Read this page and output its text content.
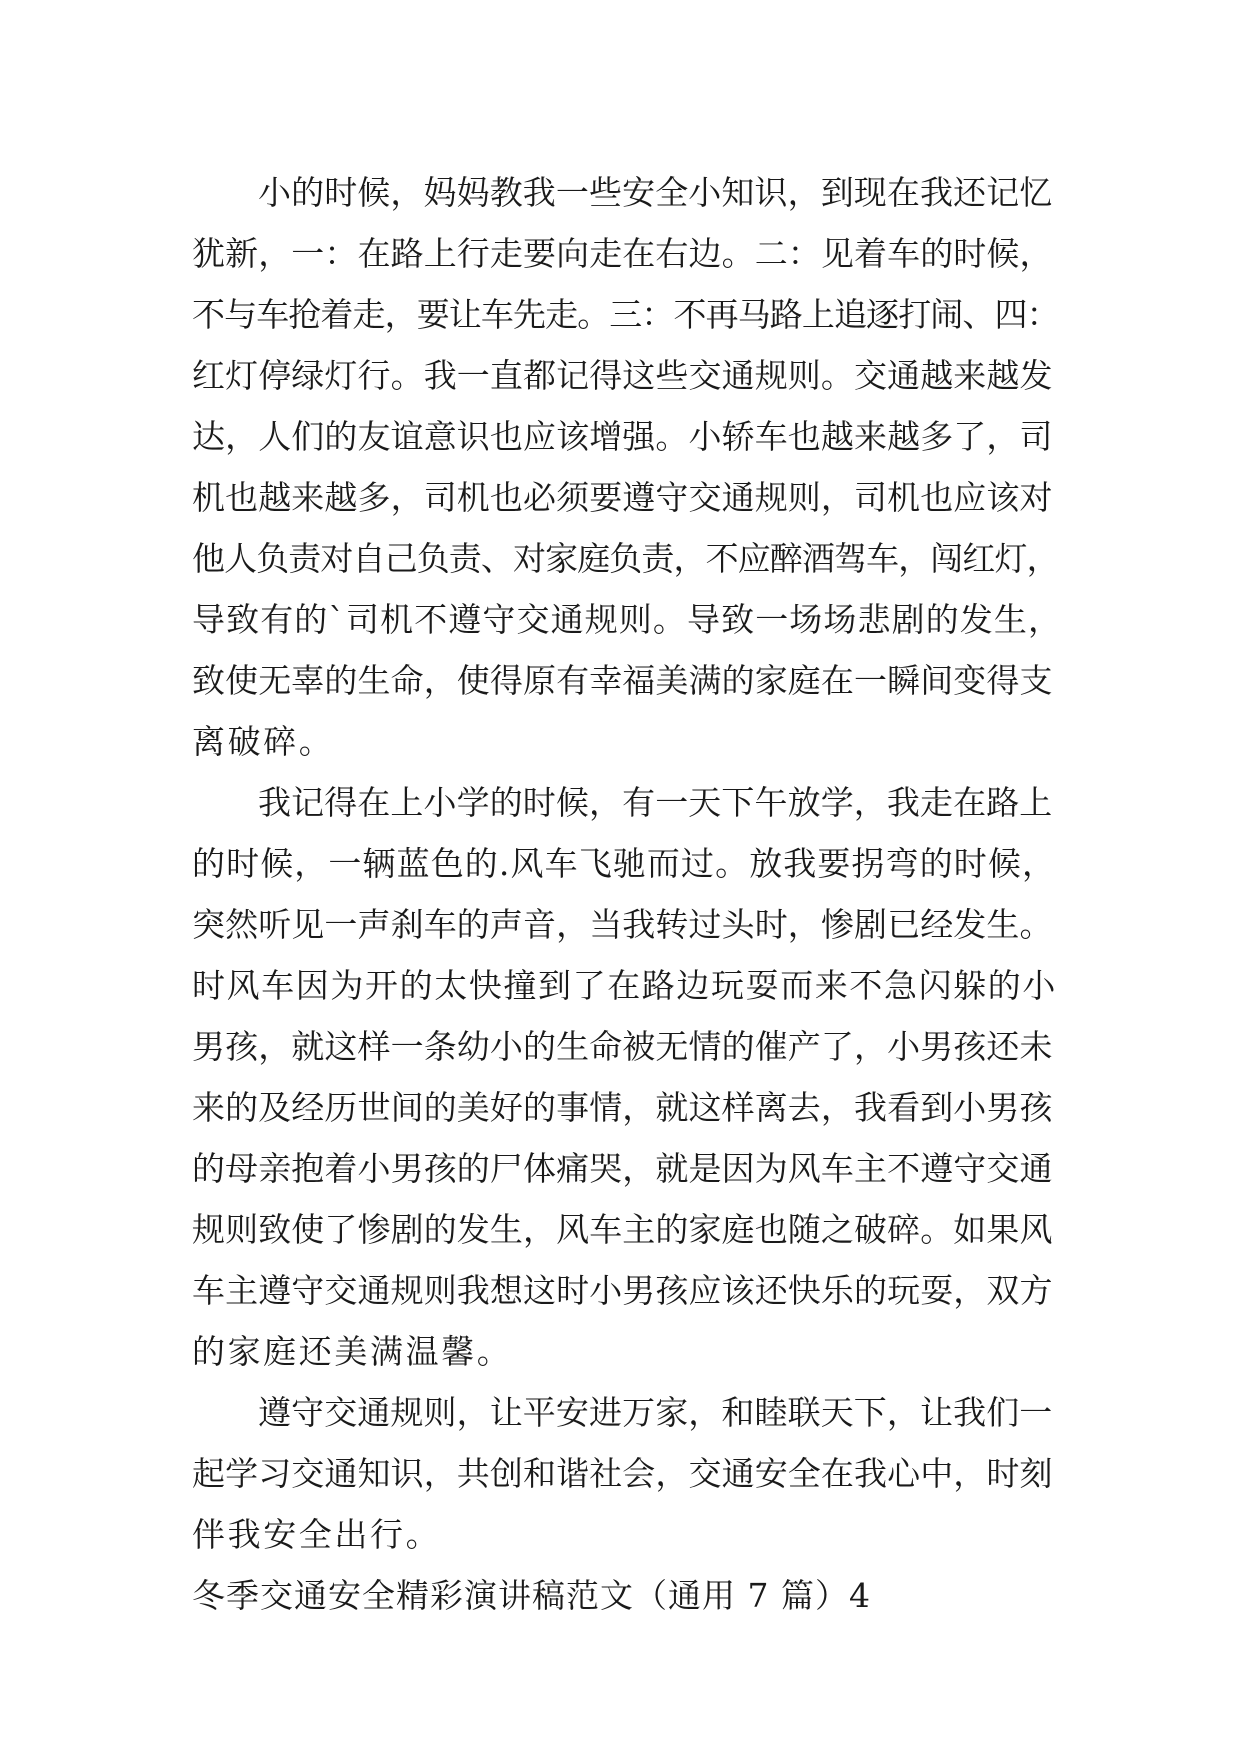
小的时候，妈妈教我一些安全小知识，到现在我还记忆
犹新，一：在路上行走要向走在右边。二：见着车的时候，
不与车抢着走，要让车先走。三：不再马路上追逐打闹、四：
红灯停绿灯行。我一直都记得这些交通规则。交通越来越发
达，人们的友谊意识也应该增强。小轿车也越来越多了，司
机也越来越多，司机也必须要遵守交通规则，司机也应该对
他人负责对自己负责、对家庭负责，不应醉酒驾车，闯红灯，
导致有的`司机不遵守交通规则。导致一场场悲剧的发生，
致使无辜的生命，使得原有幸福美满的家庭在一瞬间变得支
离破碎。
我记得在上小学的时候，有一天下午放学，我走在路上
的时候，一辆蓝色的.风车飞驰而过。放我要拐弯的时候，
突然听见一声刹车的声音，当我转过头时，惨剧已经发生。
时风车因为开的太快撞到了在路边玩耍而来不急闪躲的小
男孩，就这样一条幼小的生命被无情的催产了，小男孩还未
来的及经历世间的美好的事情，就这样离去，我看到小男孩
的母亲抱着小男孩的尸体痛哭，就是因为风车主不遵守交通
规则致使了惨剧的发生，风车主的家庭也随之破碎。如果风
车主遵守交通规则我想这时小男孩应该还快乐的玩耍，双方
的家庭还美满温馨。
遵守交通规则，让平安进万家，和睦联天下，让我们一
起学习交通知识，共创和谐社会，交通安全在我心中，时刻
伴我安全出行。
冬季交通安全精彩演讲稿范文（通用 7 篇）4
